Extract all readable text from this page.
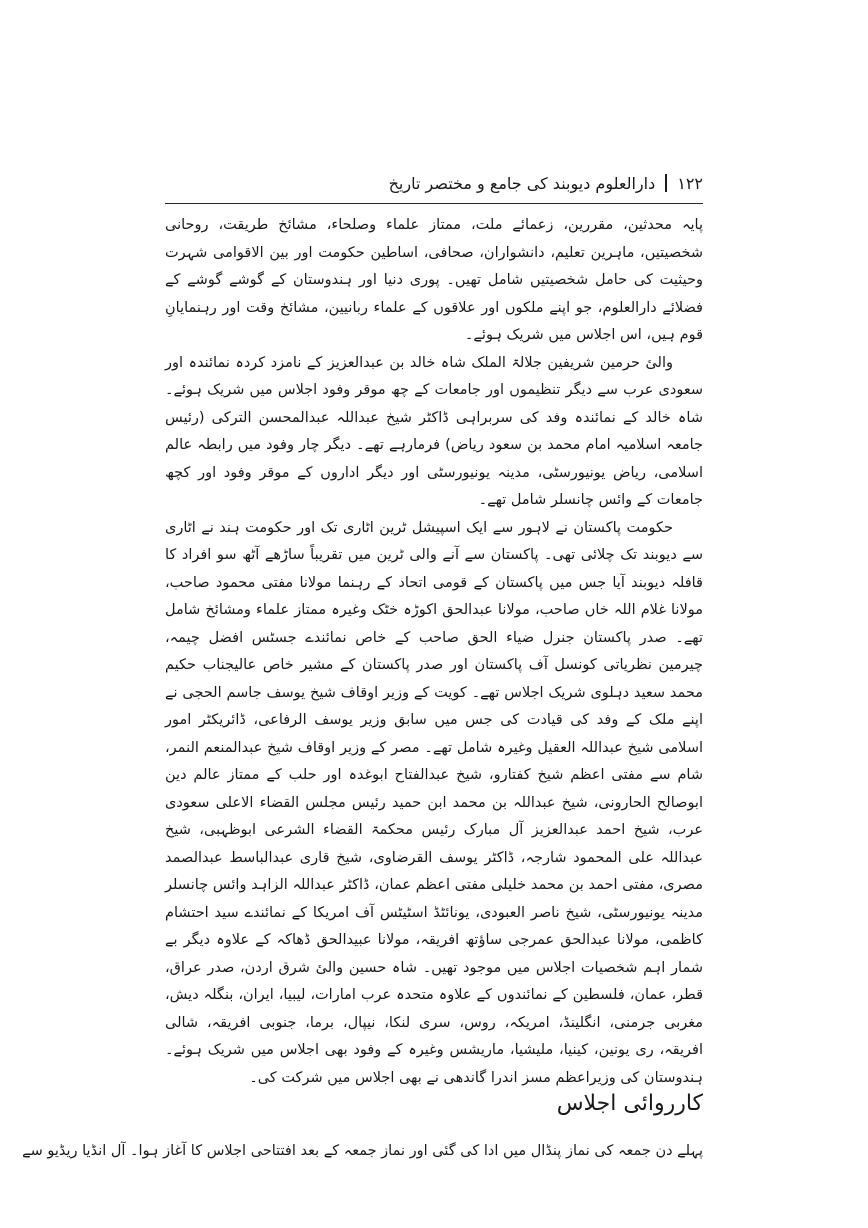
۱۲۲
دارالعلوم دیوبند کی جامع و مختصر تاریخ

پایہ محدثین، مقررین، زعمائے ملت، ممتاز علماء وصلحاء، مشائخ طریقت، روحانی شخصیتیں، ماہرین تعلیم، دانشواران، صحافی، اساطین حکومت اور بین الاقوامی شہرت وحیثیت کی حامل شخصیتیں شامل تھیں۔ پوری دنیا اور ہندوستان کے گوشے گوشے کے فضلائے دارالعلوم، جو اپنے ملکوں اور علاقوں کے علماء ربانیین، مشائخ وقت اور رہنمایانِ قوم ہیں، اس اجلاس میں شریک ہوئے۔

والیٔ حرمین شریفین جلالۃ الملک شاہ خالد بن عبدالعزیز کے نامزد کردہ نمائندہ اور سعودی عرب سے دیگر تنظیموں اور جامعات کے چھ موقر وفود اجلاس میں شریک ہوئے۔ شاہ خالد کے نمائندہ وفد کی سربراہی ڈاکٹر شیخ عبداللہ عبدالمحسن الترکی (رئیس جامعہ اسلامیہ امام محمد بن سعود ریاض) فرمارہے تھے۔ دیگر چار وفود میں رابطہ عالم اسلامی، ریاض یونیورسٹی، مدینہ یونیورسٹی اور دیگر اداروں کے موقر وفود اور کچھ جامعات کے وائس چانسلر شامل تھے۔

حکومت پاکستان نے لاہور سے ایک اسپیشل ٹرین اٹاری تک اور حکومت ہند نے اٹاری سے دیوبند تک چلائی تھی۔ پاکستان سے آنے والی ٹرین میں تقریباً ساڑھے آٹھ سو افراد کا قافلہ دیوبند آیا جس میں پاکستان کے قومی اتحاد کے رہنما مولانا مفتی محمود صاحب، مولانا غلام اللہ خاں صاحب، مولانا عبدالحق اکوڑہ خٹک وغیرہ ممتاز علماء ومشائخ شامل تھے۔ صدر پاکستان جنرل ضیاء الحق صاحب کے خاص نمائندے جسٹس افضل چیمہ، چیرمین نظریاتی کونسل آف پاکستان اور صدر پاکستان کے مشیر خاص عالیجناب حکیم محمد سعید دہلوی شریک اجلاس تھے۔ کویت کے وزیر اوقاف شیخ یوسف جاسم الحجی نے اپنے ملک کے وفد کی قیادت کی جس میں سابق وزیر یوسف الرفاعی، ڈائریکٹر امور اسلامی شیخ عبداللہ العقیل وغیرہ شامل تھے۔ مصر کے وزیر اوقاف شیخ عبدالمنعم النمر، شام سے مفتی اعظم شیخ کفتارو، شیخ عبدالفتاح ابوغدہ اور حلب کے ممتاز عالم دین ابوصالح الحارونی، شیخ عبداللہ بن محمد ابن حمید رئیس مجلس القضاء الاعلی سعودی عرب، شیخ احمد عبدالعزیز آل مبارک رئیس محکمۃ القضاء الشرعی ابوظہبی، شیخ عبداللہ علی المحمود شارجہ، ڈاکٹر یوسف القرضاوی، شیخ قاری عبدالباسط عبدالصمد مصری، مفتی احمد بن محمد خلیلی مفتی اعظم عمان، ڈاکٹر عبداللہ الزاہد وائس چانسلر مدینہ یونیورسٹی، شیخ ناصر العبودی، یونائٹڈ اسٹیٹس آف امریکا کے نمائندے سید احتشام کاظمی، مولانا عبدالحق عمرجی ساؤتھ افریقہ، مولانا عبیدالحق ڈھاکہ کے علاوہ دیگر بے شمار اہم شخصیات اجلاس میں موجود تھیں۔ شاہ حسین والیٔ شرق اردن، صدر عراق، قطر، عمان، فلسطین کے نمائندوں کے علاوہ متحدہ عرب امارات، لیبیا، ایران، بنگلہ دیش، مغربی جرمنی، انگلینڈ، امریکہ، روس، سری لنکا، نیپال، برما، جنوبی افریقہ، شالی افریقہ، ری یونین، کینیا، ملیشیا، ماریشس وغیرہ کے وفود بھی اجلاس میں شریک ہوئے۔ ہندوستان کی وزیراعظم مسز اندرا گاندھی نے بھی اجلاس میں شرکت کی۔

کارروائی اجلاس

پہلے دن جمعہ کی نماز پنڈال میں ادا کی گئی اور نماز جمعہ کے بعد افتتاحی اجلاس کا آغاز ہوا۔ آل انڈیا ریڈیو سے
